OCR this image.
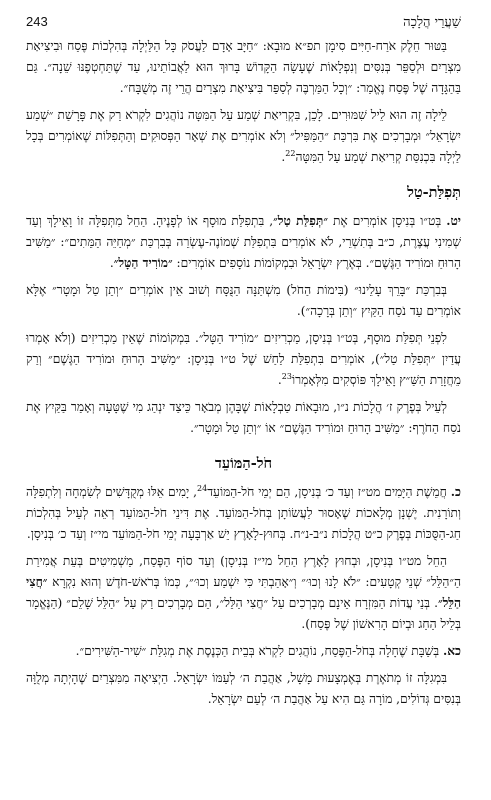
243	שַׁעֲרֵי הֲלָכָה

בַּטּוּר חֵלֶק אֹרַח-חַיִּים סִימָן תפ״א מוּבָא: ״חַיָּב אָדָם לַעֲסֹק כָּל הַלַּיְלָה בְּהִלְכוֹת פֶּסַח וּבִיצִיאַת מִצְרַיִם וּלְסַפֵּר בְּנִסִּים וְנִפְלָאוֹת שֶׁעָשָׂה הַקָּדוֹשׁ בָּרוּךְ הוּא לַאֲבוֹתֵינוּ, עַד שֶׁתַּחְטְפֶנּוּ שֵׁנָה״. גַּם בַּהַגָּדָה שֶׁל פֶּסַח נֶאֱמַר: ״וְכָל הַמַּרְבֶּה לְסַפֵּר בִּיצִיאַת מִצְרַיִם הֲרֵי זֶה מְשֻׁבָּח״.

לֵילָה זֶה הוּא לֵיל שִׁמּוּרִים. לָכֵן, בִּקְרִיאַת שְׁמַע עַל הַמִּטָּה נוֹהֲגִים לִקְרֹא רַק אֶת פָּרָשַׁת ״שְׁמַע יִשְׂרָאֵל״ וּמְבָרְכִים אֶת בִּרְכַּת ״הַמַּפִּיל״ וְלֹא אוֹמְרִים אֶת שְׁאָר הַפְּסוּקִים וְהַתְּפִלּוֹת שֶׁאוֹמְרִים בְּכָל לַיְלָה בִּכְנִסַּת קְרִיאַת שְׁמַע עַל הַמִּטָּה$^{22}$.

תְּפִלַּת-טַל

יט. בְּט״ו בְּנִיסָן אוֹמְרִים אֶת ״תְּפִלַּת טַל״, בִּתְפִלַּת מוּסָף אוֹ לְפָנֶיהָ. הַחֵל מִתְּפִלָּה זוֹ וָאֵילָךְ וְעַד שְׁמִינִי עֲצֶרֶת, כ״ב בְּתִשְׁרֵי, לֹא אוֹמְרִים בִּתְפִלַּת שְׁמוֹנֶה-עֶשְׂרֵה בְּבִרְכַּת ״מְחַיֵּה הַמֵּתִים״: ״מַשִּׁיב הָרוּחַ וּמוֹרִיד הַגֶּשֶׁם״. בְּאֶרֶץ יִשְׂרָאֵל וּבִמְקוֹמוֹת נוֹסָפִים אוֹמְרִים: ״מוֹרִיד הַטָּל״.

בְּבִרְכַּת ״בָּרֵךְ עָלֵינוּ״ (בִּימוֹת הַחֹל) מִשְׁתַּנָּה הַנֻּסָּח וְשׁוּב אֵין אוֹמְרִים ״וְתֵן טַל וּמָטָר״ אֶלָּא אוֹמְרִים עַד נֹסַח הַקַּיִץ ״וְתֵן בְּרָכָה״).

לִפְנֵי תְּפִלַּת מוּסָף, בְּט״ו בְּנִיסָן, מַכְרִיזִים ״מוֹרִיד הַטָּל״. בִּמְקוֹמוֹת שֶׁאֵין מַכְרִיזִים (וְלֹא אָמְרוּ עֲדַיִן ״תְּפִלַּת טַל״), אוֹמְרִים בִּתְפִלַּת לַחַשׁ שֶׁל ט״ו בְּנִיסָן: ״מַשִּׁיב הָרוּחַ וּמוֹרִיד הַגֶּשֶׁם״ וְרַק מֵחֲזָרַת הַשַּׁ״ץ וָאֵילָךְ פּוֹסְקִים מִלְּאָמְרוֹ$^{23}$.

לְעֵיל בְּפֶרֶק ז׳ הֲלָכוֹת נ״ו, מוּבָאוֹת טַבְלָאוֹת שֶׁבָּהֶן מְבֹאָר כֵּיצַד יִנְהַג מִי שֶׁטָּעָה וְאָמַר בַּקַּיִץ אֶת נֹסַח הַחֹרֶף: ״מַשִּׁיב הָרוּחַ וּמוֹרִיד הַגֶּשֶׁם״ אוֹ ״וְתֵן טַל וּמָטָר״.

חֹל-הַמּוֹעֵד

כ. חֲמֵשֶׁת הַיָּמִים מט״ז וְעַד כ׳ בְּנִיסָן, הֵם יְמֵי חֹל-הַמּוֹעֵד$^{24}$, יָמִים אֵלּוּ מְקֻדָּשִׁים לְשִׂמְחָה וְלִתְפִלָּה וְתוֹרָנִית. יֶשְׁנָן מְלָאכוֹת שֶׁאָסוּר לַעֲשׂוֹתָן בְּחֹל-הַמּוֹעֵד. אֶת דִּינֵי חֹל-הַמּוֹעֵד רְאֵה לְעֵיל בְּהִלְכוֹת חַג-הַסֻּכּוֹת בְּפֶרֶק כ״ט הֲלָכוֹת נ״ב-נ״ח. בְּחוּץ-לָאָרֶץ יֵשׁ אַרְבָּעָה יְמֵי חֹל-הַמּוֹעֵד מי״ז וְעַד כ׳ בְּנִיסָן.

הַחֵל מט״ו בְּנִיסָן, וּבְחוּץ לָאָרֶץ הַחֵל מי״ז בְּנִיסָן) וְעַד סוֹף הַפֶּסַח, מַשְׁמִיטִים בְּעֵת אֲמִירַת הַ״הַלֵּל״ שְׁנֵי קְטָעִים: ״לֹא לָנוּ וְכוּ׳״ וְ״אָהַבְתִּי כִּי יִשְׁמַע וְכוּ׳״, כְּמוֹ בְּרֹאשׁ-חֹדֶשׁ וְהוּא נִקְרָא ״חֲצִי הַלֵּל״. בְּנֵי עֲדוֹת הַמִּזְרָח אֵינָם מְבָרְכִים עַל ״חֲצִי הַלֵּל״, הֵם מְבָרְכִים רַק עַל ״הַלֵּל שָׁלֵם״ (הַנֶּאֱמָר בְּלֵיל הַחַג וּבְיוֹם הָרִאשׁוֹן שֶׁל פֶּסַח).

כא. בְּשַׁבָּת שֶׁחָלָה בְּחֹל-הַפֶּסַח, נוֹהֲגִים לִקְרֹא בְּבֵית הַכְּנֶסֶת אֶת מְגִלַּת ״שִׁיר-הַשִּׁירִים״.

בִּמְגִלָּה זוֹ מְתֹאֶרֶת בְּאֶמְצָעוּת מָשָׁל, אַהֲבַת ה׳ לְעַמּוֹ יִשְׂרָאֵל. הַיְצִיאָה מִמִּצְרַיִם שֶׁהָיְתָה מְלֻוָּה בְּנִסִּים גְּדוֹלִים, מוֹרָה גַּם הִיא עַל אַהֲבַת ה׳ לְעַם יִשְׂרָאֵל.
